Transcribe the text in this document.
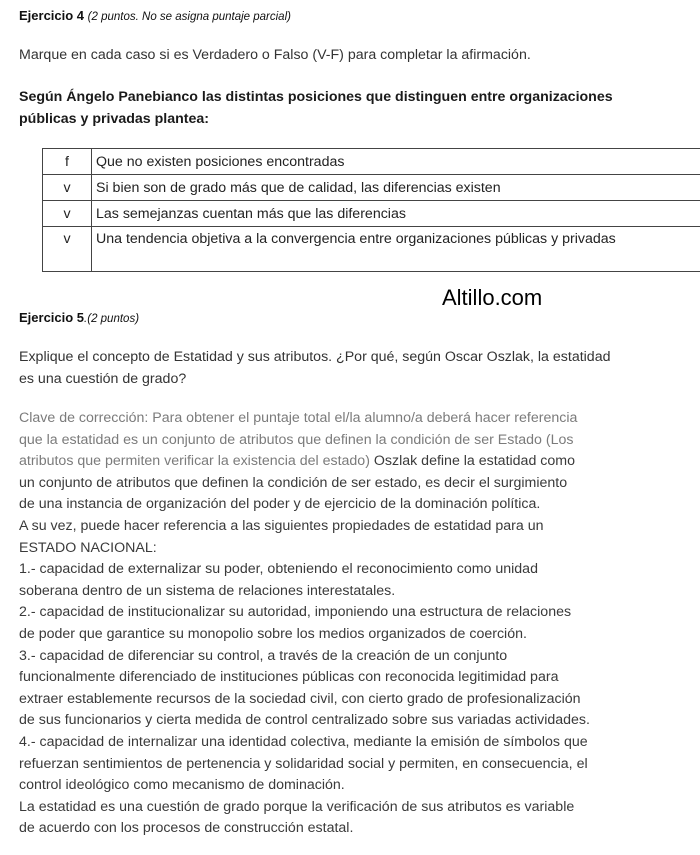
Ejercicio 4 (2 puntos. No se asigna puntaje parcial)
Marque en cada caso si es Verdadero o Falso (V-F) para completar la afirmación.
Según Ángelo Panebianco las distintas posiciones que distinguen entre organizaciones
públicas y privadas plantea:
f	Que no existen posiciones encontradas
v	Si bien son de grado más que de calidad, las diferencias existen
v	Las semejanzas cuentan más que las diferencias
v	Una tendencia objetiva a la convergencia entre organizaciones públicas y privadas
Altillo.com
Ejercicio 5.(2 puntos)
Explique el concepto de Estatidad y sus atributos. ¿Por qué, según Oscar Oszlak, la estatidad
es una cuestión de grado?
Clave de corrección: Para obtener el puntaje total el/la alumno/a deberá hacer referencia
que la estatidad es un conjunto de atributos que definen la condición de ser Estado (Los
atributos que permiten verificar la existencia del estado) Oszlak define la estatidad como
un conjunto de atributos que definen la condición de ser estado, es decir el surgimiento
de una instancia de organización del poder y de ejercicio de la dominación política.
A su vez, puede hacer referencia a las siguientes propiedades de estatidad para un
ESTADO NACIONAL:
1.- capacidad de externalizar su poder, obteniendo el reconocimiento como unidad
soberana dentro de un sistema de relaciones interestatales.
2.- capacidad de institucionalizar su autoridad, imponiendo una estructura de relaciones
de poder que garantice su monopolio sobre los medios organizados de coerción.
3.- capacidad de diferenciar su control, a través de la creación de un conjunto
funcionalmente diferenciado de instituciones públicas con reconocida legitimidad para
extraer establemente recursos de la sociedad civil, con cierto grado de profesionalización
de sus funcionarios y cierta medida de control centralizado sobre sus variadas actividades.
4.- capacidad de internalizar una identidad colectiva, mediante la emisión de símbolos que
refuerzan sentimientos de pertenencia y solidaridad social y permiten, en consecuencia, el
control ideológico como mecanismo de dominación.
La estatidad es una cuestión de grado porque la verificación de sus atributos es variable
de acuerdo con los procesos de construcción estatal.
